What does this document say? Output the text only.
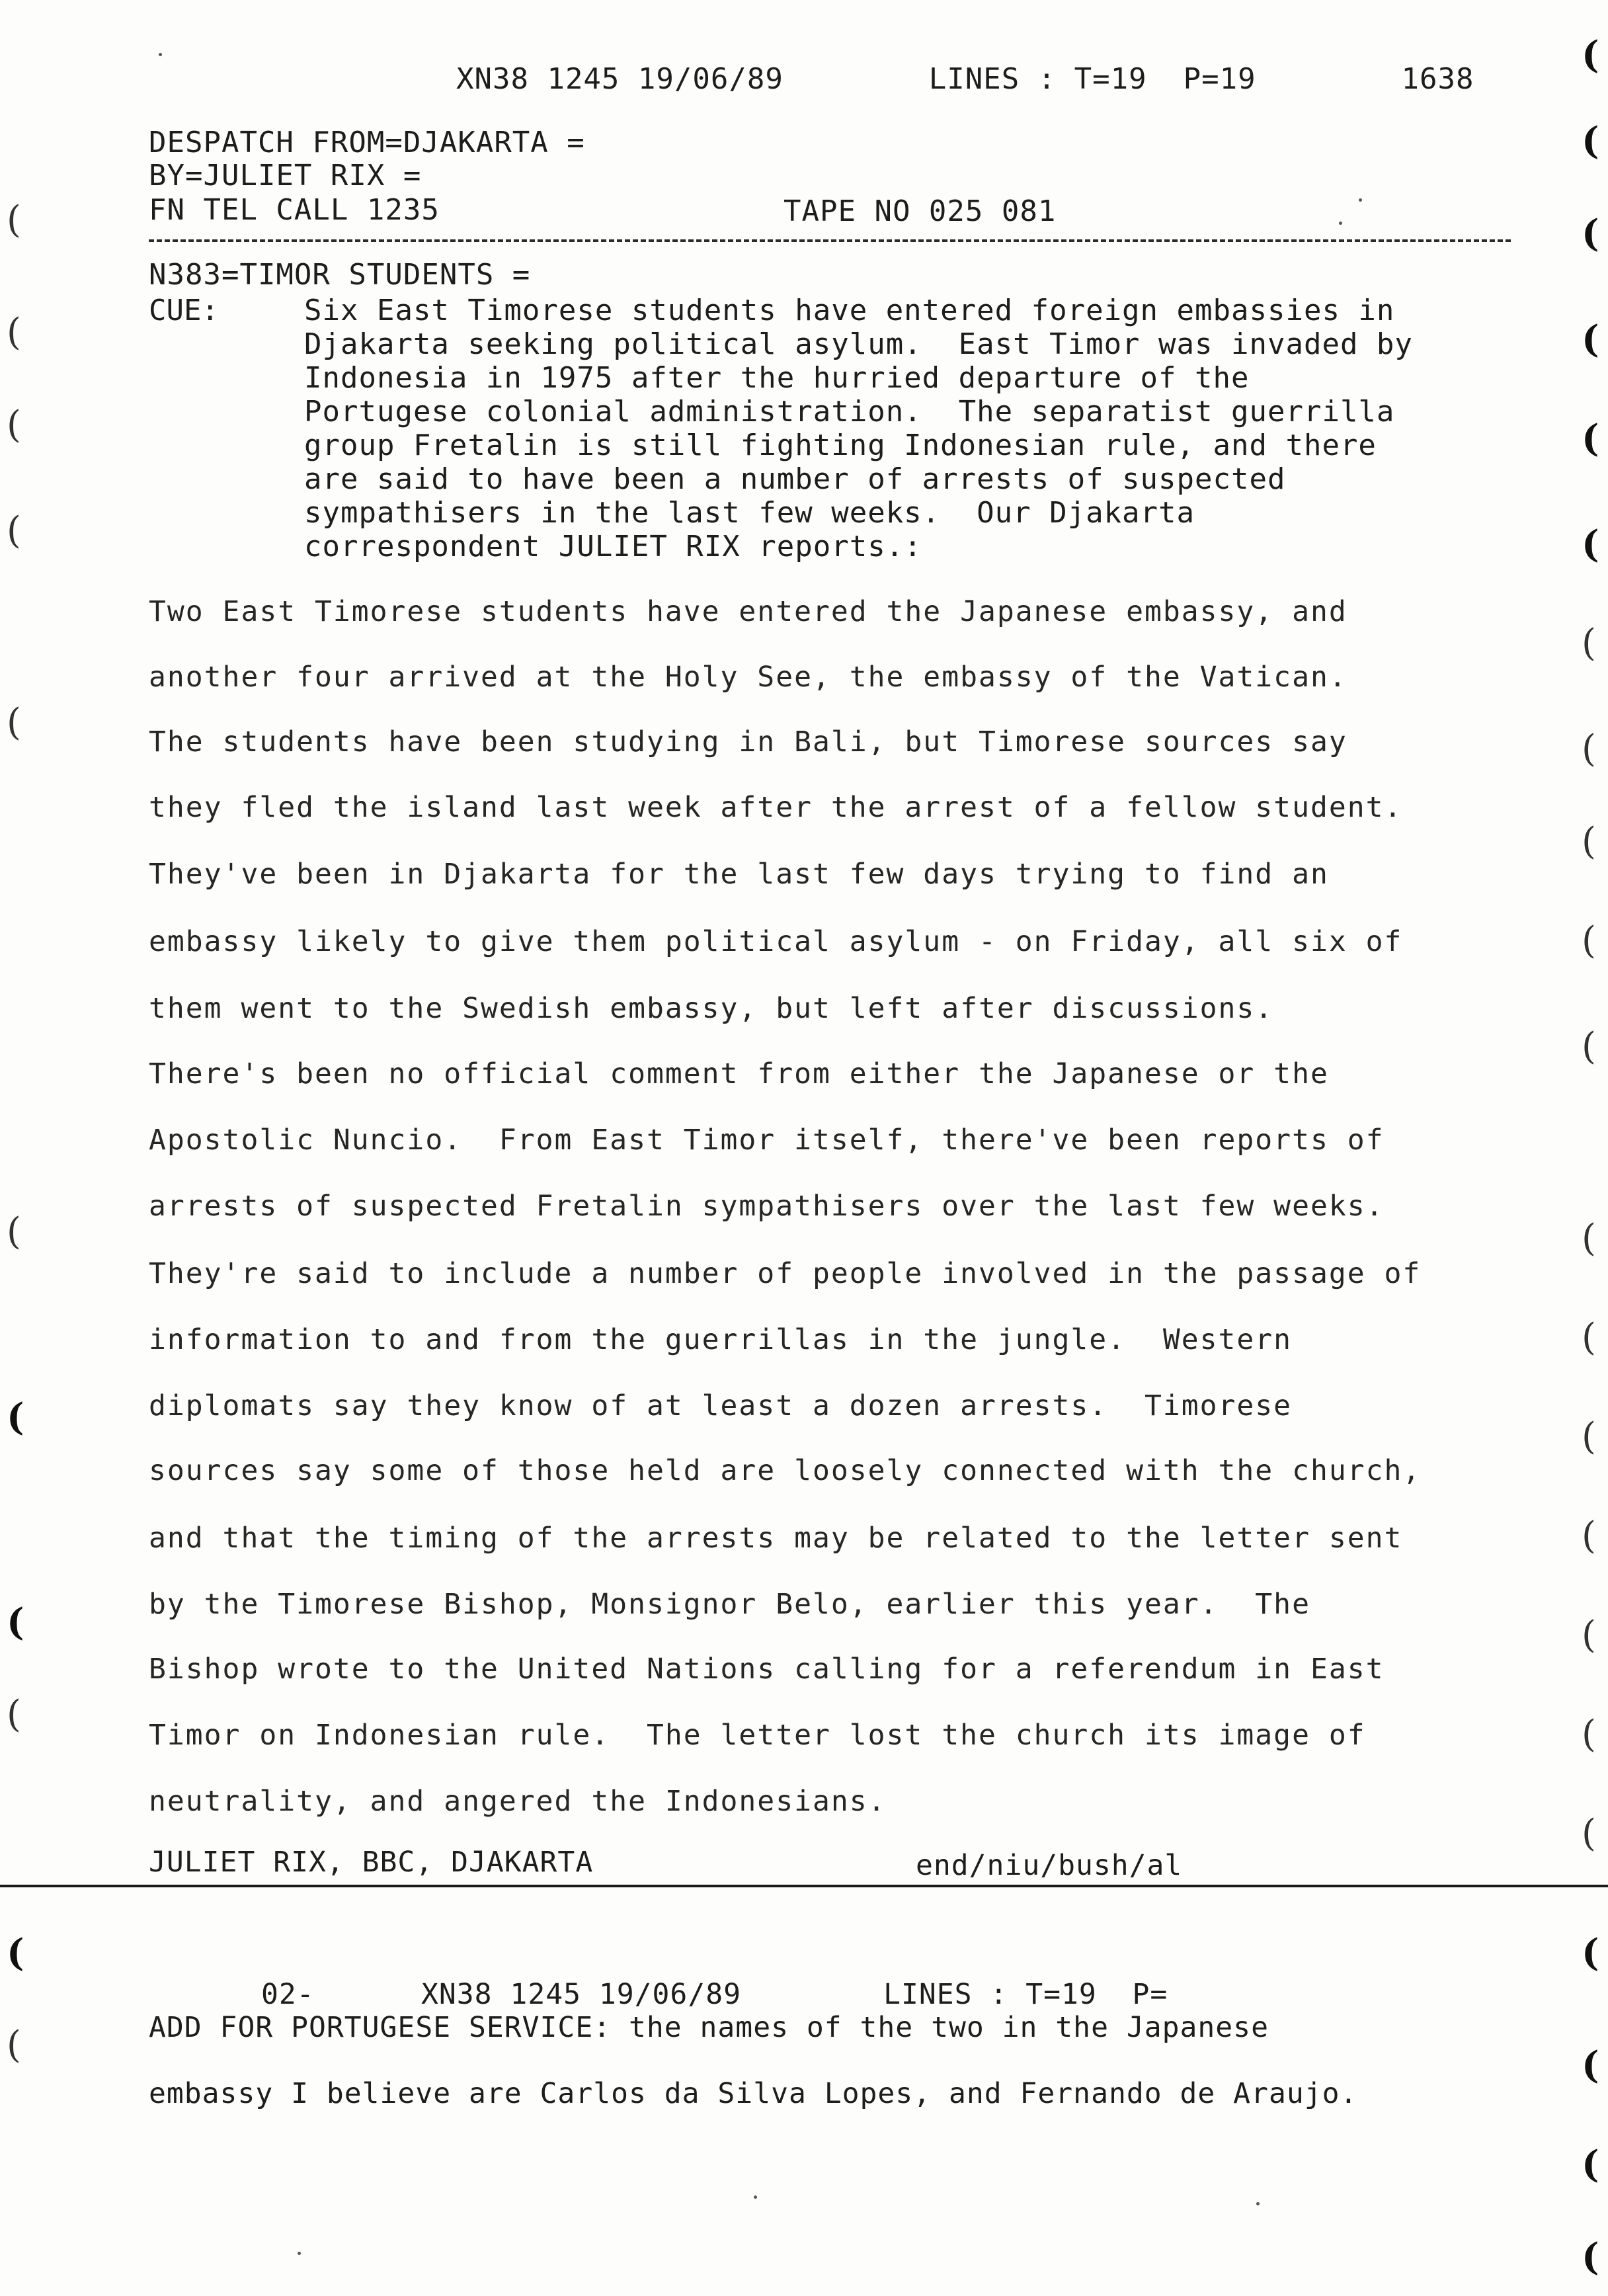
XN38 1245 19/06/89        LINES : T=19  P=19        1638
DESPATCH FROM=DJAKARTA =
BY=JULIET RIX =
FN TEL CALL 1235	TAPE NO 025 081
N383=TIMOR STUDENTS =
CUE:	Six East Timorese students have entered foreign embassies in
Djakarta seeking political asylum.  East Timor was invaded by
Indonesia in 1975 after the hurried departure of the
Portugese colonial administration.  The separatist guerrilla
group Fretalin is still fighting Indonesian rule, and there
are said to have been a number of arrests of suspected
sympathisers in the last few weeks.  Our Djakarta
correspondent JULIET RIX reports.:
Two East Timorese students have entered the Japanese embassy, and
another four arrived at the Holy See, the embassy of the Vatican.
The students have been studying in Bali, but Timorese sources say
they fled the island last week after the arrest of a fellow student.
They've been in Djakarta for the last few days trying to find an
embassy likely to give them political asylum - on Friday, all six of
them went to the Swedish embassy, but left after discussions.
There's been no official comment from either the Japanese or the
Apostolic Nuncio.  From East Timor itself, there've been reports of
arrests of suspected Fretalin sympathisers over the last few weeks.
They're said to include a number of people involved in the passage of
information to and from the guerrillas in the jungle.  Western
diplomats say they know of at least a dozen arrests.  Timorese
sources say some of those held are loosely connected with the church,
and that the timing of the arrests may be related to the letter sent
by the Timorese Bishop, Monsignor Belo, earlier this year.  The
Bishop wrote to the United Nations calling for a referendum in East
Timor on Indonesian rule.  The letter lost the church its image of
neutrality, and angered the Indonesians.
JULIET RIX, BBC, DJAKARTA	end/niu/bush/al
02-      XN38 1245 19/06/89        LINES : T=19  P=
ADD FOR PORTUGESE SERVICE: the names of the two in the Japanese
embassy I believe are Carlos da Silva Lopes, and Fernando de Araujo.
(
(
(
(
(
(
(
(
(
(
(
(
(
(
(
(
(
(
(
(
(
(
(
(
(
(
(
(
(
(
(
(
(
